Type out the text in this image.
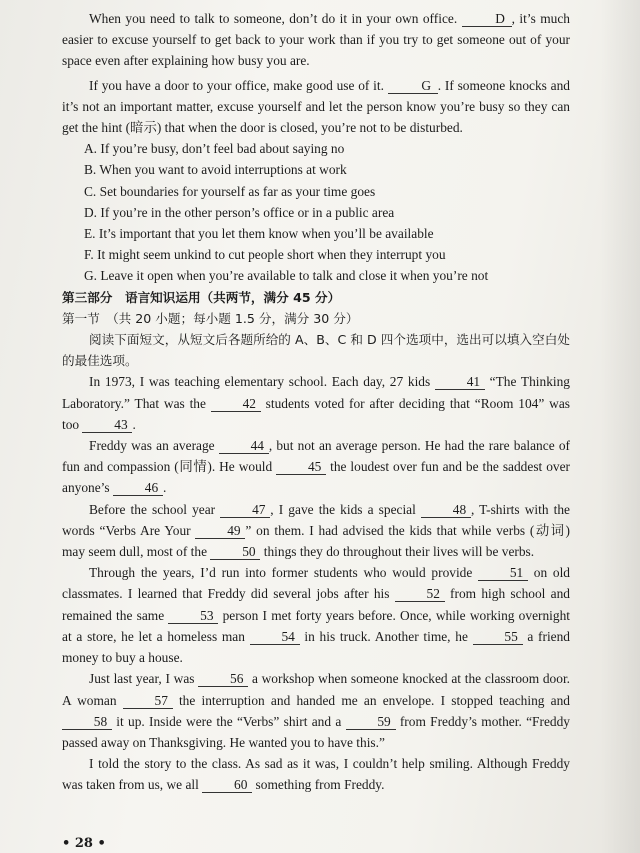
When you need to talk to someone, don’t do it in your own office.	D , it’s much easier to excuse yourself to get back to your work than if you try to get someone out of your space even after explaining how busy you are.

If you have a door to your office, make good use of it.	G . If someone knocks and it’s not an important matter, excuse yourself and let the person know you’re busy so they can get the hint (暗示) that when the door is closed, you’re not to be disturbed.

A. If you’re busy, don’t feel bad about saying no

B. When you want to avoid interruptions at work

C. Set boundaries for yourself as far as your time goes

D. If you’re in the other person’s office or in a public area

E. It’s important that you let them know when you’ll be available

F. It might seem unkind to cut people short when they interrupt you

G. Leave it open when you’re available to talk and close it when you’re not

第三部分　语言知识运用（共两节，满分 45 分）

第一节　（共 20 小题；每小题 1.5 分，满分 30 分）

阅读下面短文，从短文后各题所给的 A、B、C 和 D 四个选项中，选出可以填入空白处的最佳选项。

In 1973, I was teaching elementary school. Each day, 27 kids 41 “The Thinking Laboratory.” That was the 42 students voted for after deciding that “Room 104” was too 43 .

Freddy was an average 44 , but not an average person. He had the rare balance of fun and compassion (同情). He would 45 the loudest over fun and be the saddest over anyone’s 46 .

Before the school year 47 , I gave the kids a special 48 , T-shirts with the words “Verbs Are Your 49 ” on them. I had advised the kids that while verbs (动词) may seem dull, most of the 50 things they do throughout their lives will be verbs.

Through the years, I’d run into former students who would provide 51 on old classmates. I learned that Freddy did several jobs after his 52 from high school and remained the same 53 person I met forty years before. Once, while working overnight at a store, he let a homeless man 54 in his truck. Another time, he 55 a friend money to buy a house.

Just last year, I was 56 a workshop when someone knocked at the classroom door. A woman 57 the interruption and handed me an envelope. I stopped teaching and 58 it up. Inside were the “Verbs” shirt and a 59 from Freddy’s mother. “Freddy passed away on Thanksgiving. He wanted you to have this.”

I told the story to the class. As sad as it was, I couldn’t help smiling. Although Freddy was taken from us, we all 60 something from Freddy.

• 28 •
